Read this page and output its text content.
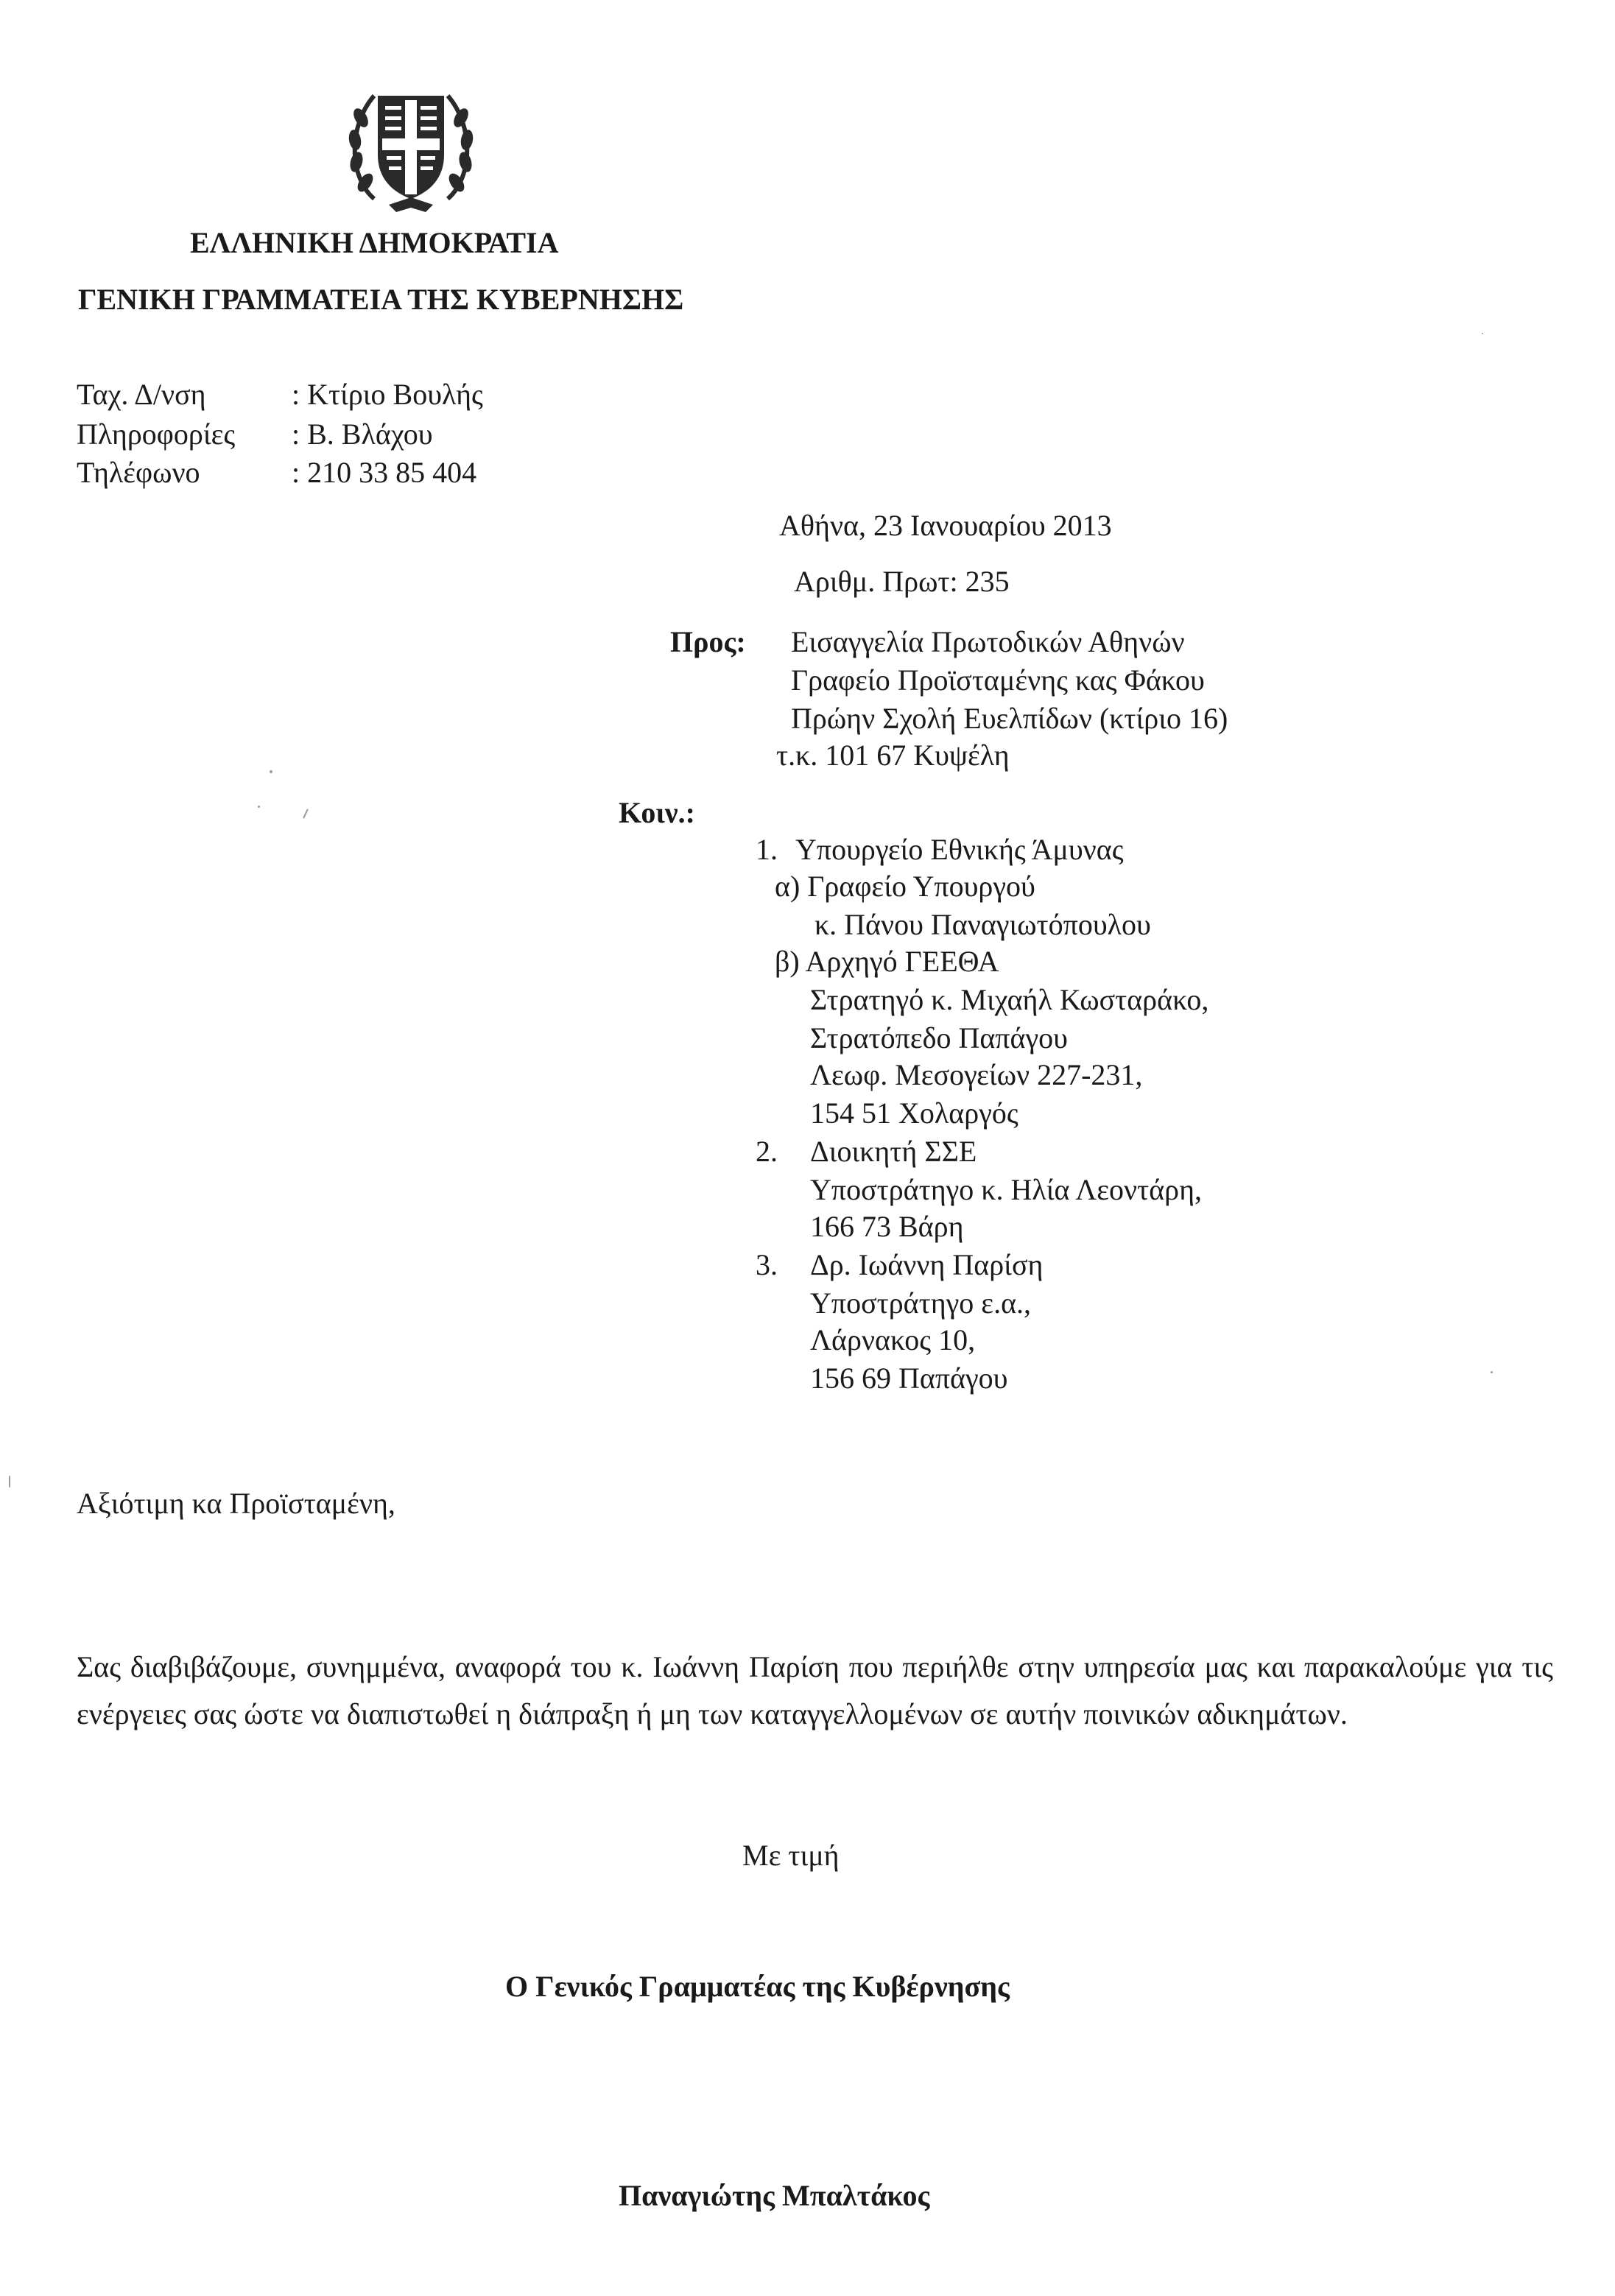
ΕΛΛΗΝΙΚΗ ΔΗΜΟΚΡΑΤΙΑ
ΓΕΝΙΚΗ ΓΡΑΜΜΑΤΕΙΑ ΤΗΣ ΚΥΒΕΡΝΗΣΗΣ
Ταχ. Δ/νση	: Κτίριο Βουλής
Πληροφορίες : Β. Βλάχου
Τηλέφωνο	: 210 33 85 404
Αθήνα, 23 Ιανουαρίου 2013
Αριθμ. Πρωτ: 235
Προς: Εισαγγελία Πρωτοδικών Αθηνών
Γραφείο Προϊσταμένης κας Φάκου
Πρώην Σχολή Ευελπίδων (κτίριο 16)
τ.κ. 101 67 Κυψέλη
Κοιν.:
1. Υπουργείο Εθνικής Άμυνας
α) Γραφείο Υπουργού
κ. Πάνου Παναγιωτόπουλου
β) Αρχηγό ΓΕΕΘΑ
Στρατηγό κ. Μιχαήλ Κωσταράκο,
Στρατόπεδο Παπάγου
Λεωφ. Μεσογείων 227-231,
154 51 Χολαργός
2. Διοικητή ΣΣΕ
Υποστράτηγο κ. Ηλία Λεοντάρη,
166 73 Βάρη
3. Δρ. Ιωάννη Παρίση
Υποστράτηγο ε.α.,
Λάρνακος 10,
156 69 Παπάγου
Αξιότιμη κα Προϊσταμένη,
Σας διαβιβάζουμε, συνημμένα, αναφορά του κ. Ιωάννη Παρίση που περιήλθε στην υπηρεσία μας και παρακαλούμε για τις ενέργειες σας ώστε να διαπιστωθεί η διάπραξη ή μη των καταγγελλομένων σε αυτήν ποινικών αδικημάτων.
Με τιμή
Ο Γενικός Γραμματέας της Κυβέρνησης
Παναγιώτης Μπαλτάκος
